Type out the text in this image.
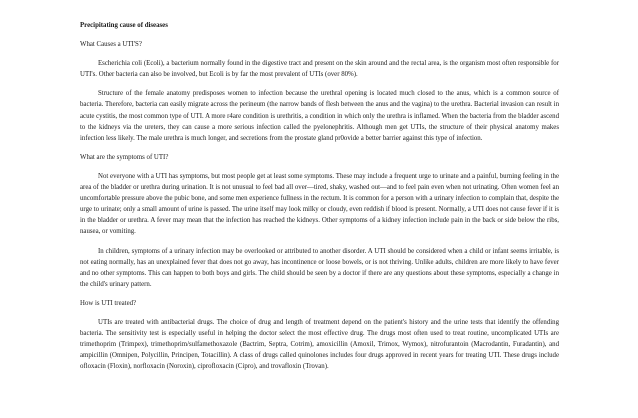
Precipitating cause of diseases
What Causes a UTI'S?
Escherichia coli (Ecoli), a bacterium normally found in the digestive tract and present on the skin around and the rectal area, is the organism most often responsible for UTI's. Other bacteria can also be involved, but Ecoli is by far the most prevalent of UTIs (over 80%).
Structure of the female anatomy predisposes women to infection because the urethral opening is located much closed to the anus, which is a common source of bacteria. Therefore, bacteria can easily migrate across the perineum (the narrow bands of flesh between the anus and the vagina) to the urethra. Bacterial invasion can result in acute cystitis, the most common type of UTI. A more r4are condition is urethritis, a condition in which only the urethra is inflamed. When the bacteria from the bladder ascend to the kidneys via the ureters, they can cause a more serious infection called the pyelonephritis. Although men get UTIs, the structure of their physical anatomy makes infection less likely. The male urethra is much longer, and secretions from the prostate gland pr0ovide a better barrier against this type of infection.
What are the symptoms of UTI?
Not everyone with a UTI has symptoms, but most people get at least some symptoms. These may include a frequent urge to urinate and a painful, burning feeling in the area of the bladder or urethra during urination. It is not unusual to feel bad all over—tired, shaky, washed out—and to feel pain even when not urinating. Often women feel an uncomfortable pressure above the pubic bone, and some men experience fullness in the rectum. It is common for a person with a urinary infection to complain that, despite the urge to urinate; only a small amount of urine is passed. The urine itself may look milky or cloudy, even reddish if blood is present. Normally, a UTI does not cause fever if it is in the bladder or urethra. A fever may mean that the infection has reached the kidneys. Other symptoms of a kidney infection include pain in the back or side below the ribs, nausea, or vomiting.
In children, symptoms of a urinary infection may be overlooked or attributed to another disorder. A UTI should be considered when a child or infant seems irritable, is not eating normally, has an unexplained fever that does not go away, has incontinence or loose bowels, or is not thriving. Unlike adults, children are more likely to have fever and no other symptoms. This can happen to both boys and girls. The child should be seen by a doctor if there are any questions about these symptoms, especially a change in the child's urinary pattern.
How is UTI treated?
UTIs are treated with antibacterial drugs. The choice of drug and length of treatment depend on the patient's history and the urine tests that identify the offending bacteria. The sensitivity test is especially useful in helping the doctor select the most effective drug. The drugs most often used to treat routine, uncomplicated UTIs are trimethoprim (Trimpex), trimethoprim/sulfamethoxazole (Bactrim, Septra, Cotrim), amoxicillin (Amoxil, Trimox, Wymox), nitrofurantoin (Macrodantin, Furadantin), and ampicillin (Omnipen, Polycillin, Principen, Totacillin). A class of drugs called quinolones includes four drugs approved in recent years for treating UTI. These drugs include ofloxacin (Floxin), norfloxacin (Noroxin), ciprofloxacin (Cipro), and trovafloxin (Trovan).
